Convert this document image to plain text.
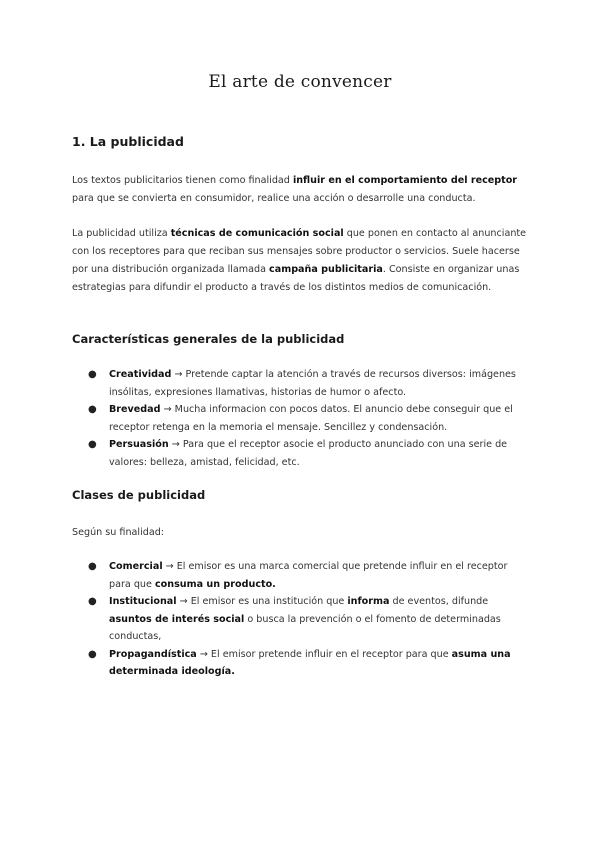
El arte de convencer
1. La publicidad

Los textos publicitarios tienen como finalidad influir en el comportamiento del receptor para que se convierta en consumidor, realice una acción o desarrolle una conducta.

La publicidad utiliza técnicas de comunicación social que ponen en contacto al anunciante con los receptores para que reciban sus mensajes sobre productor o servicios. Suele hacerse por una distribución organizada llamada campaña publicitaria. Consiste en organizar unas estrategias para difundir el producto a través de los distintos medios de comunicación.

Características generales de la publicidad
● Creatividad → Pretende captar la atención a través de recursos diversos: imágenes insólitas, expresiones llamativas, historias de humor o afecto.
● Brevedad → Mucha informacion con pocos datos. El anuncio debe conseguir que el receptor retenga en la memoria el mensaje. Sencillez y condensación.
● Persuasión → Para que el receptor asocie el producto anunciado con una serie de valores: belleza, amistad, felicidad, etc.
Clases de publicidad

Según su finalidad:

● Comercial → El emisor es una marca comercial que pretende influir en el receptor para que consuma un producto.
● Institucional → El emisor es una institución que informa de eventos, difunde asuntos de interés social o busca la prevención o el fomento de determinadas conductas,
● Propagandística → El emisor pretende influir en el receptor para que asuma una determinada ideología.
